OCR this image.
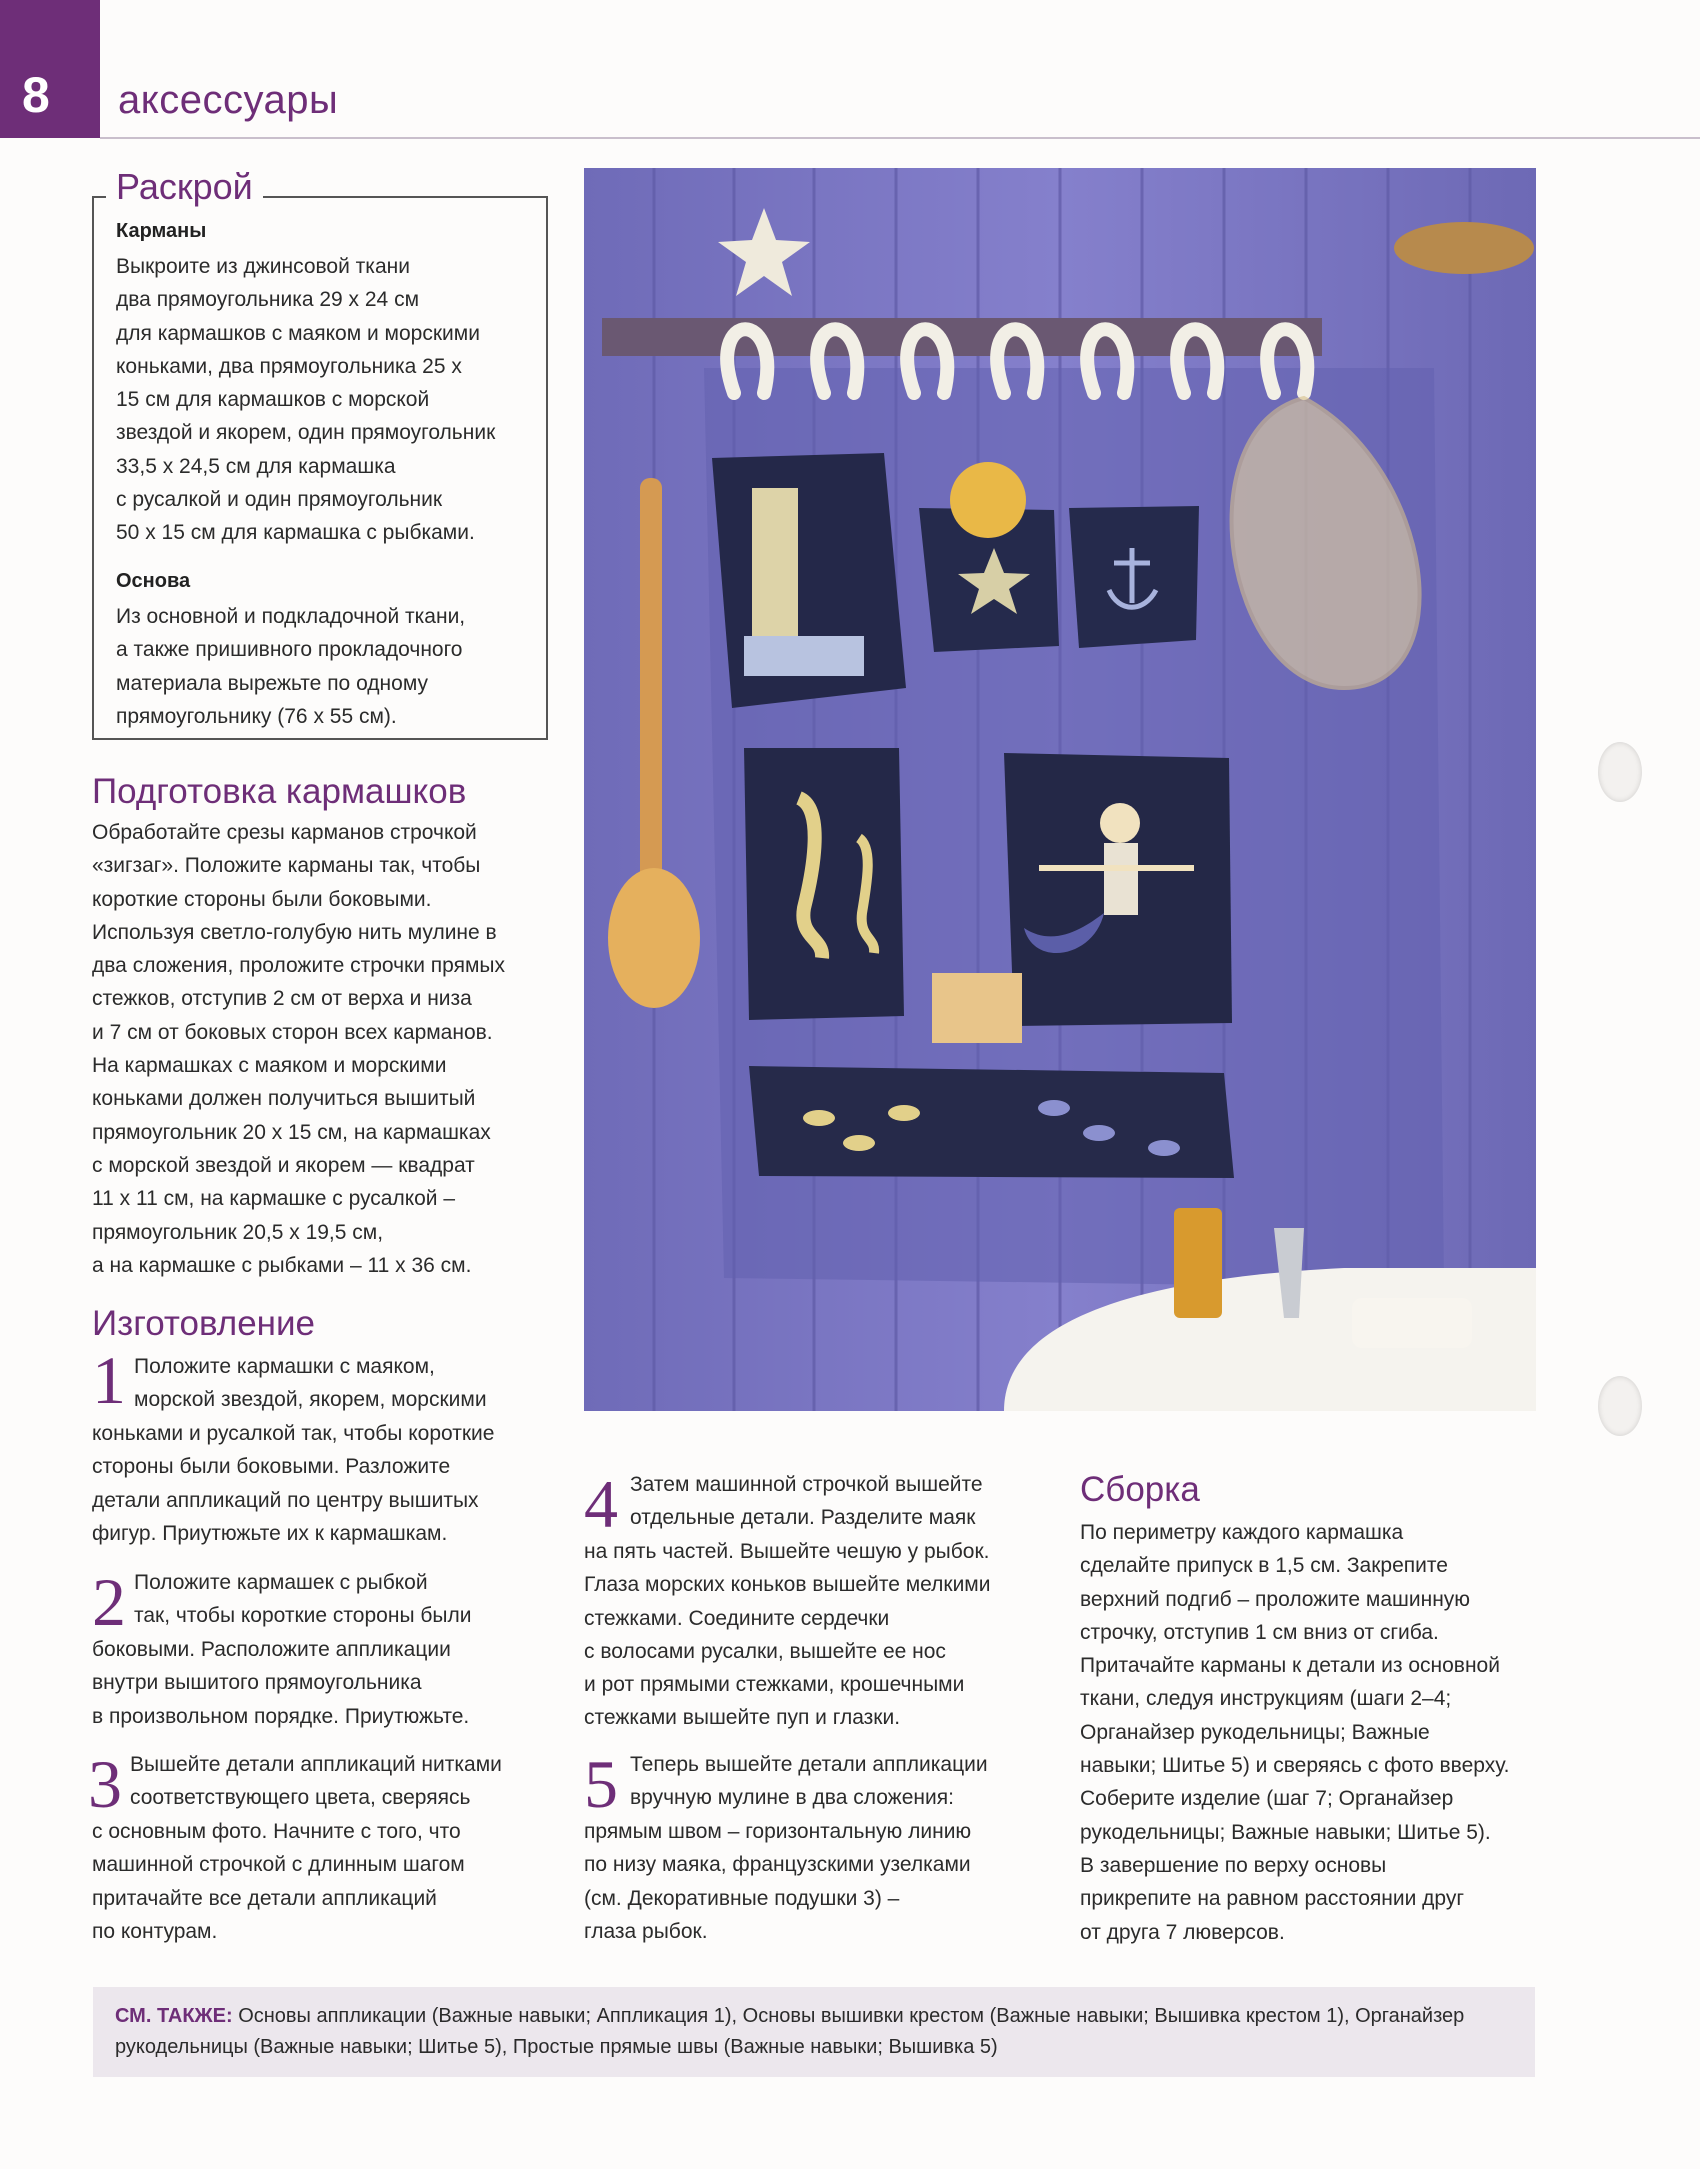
8 аксессуары
Раскрой
Карманы
Выкроите из джинсовой ткани
два прямоугольника 29 х 24 см
для кармашков с маяком и морскими
коньками, два прямоугольника 25 х
15 см для кармашков с морской
звездой и якорем, один прямоугольник
33,5 х 24,5 см для кармашка
с русалкой и один прямоугольник
50 х 15 см для кармашка с рыбками.
Основа
Из основной и подкладочной ткани,
а также пришивного прокладочного
материала вырежьте по одному
прямоугольнику (76 х 55 см).
Подготовка кармашков
Обработайте срезы карманов строчкой
«зигзаг». Положите карманы так, чтобы
короткие стороны были боковыми.
Используя светло-голубую нить мулине в
два сложения, проложите строчки прямых
стежков, отступив 2 см от верха и низа
и 7 см от боковых сторон всех карманов.
На кармашках с маяком и морскими
коньками должен получиться вышитый
прямоугольник 20 х 15 см, на кармашках
с морской звездой и якорем — квадрат
11 х 11 см, на кармашке с русалкой –
прямоугольник 20,5 х 19,5 см,
а на кармашке с рыбками – 11 х 36 см.
Изготовление
1 Положите кармашки с маяком,
морской звездой, якорем, морскими
коньками и русалкой так, чтобы короткие
стороны были боковыми. Разложите
детали аппликаций по центру вышитых
фигур. Приутюжьте их к кармашкам.
2 Положите кармашек с рыбкой
так, чтобы короткие стороны были
боковыми. Расположите аппликации
внутри вышитого прямоугольника
в произвольном порядке. Приутюжьте.
3 Вышейте детали аппликаций нитками
соответствующего цвета, сверяясь
с основным фото. Начните с того, что
машинной строчкой с длинным шагом
притачайте все детали аппликаций
по контурам.
4 Затем машинной строчкой вышейте
отдельные детали. Разделите маяк
на пять частей. Вышейте чешую у рыбок.
Глаза морских коньков вышейте мелкими
стежками. Соедините сердечки
с волосами русалки, вышейте ее нос
и рот прямыми стежками, крошечными
стежками вышейте пуп и глазки.
5 Теперь вышейте детали аппликации
вручную мулине в два сложения:
прямым швом – горизонтальную линию
по низу маяка, французскими узелками
(см. Декоративные подушки 3) –
глаза рыбок.
Сборка
По периметру каждого кармашка
сделайте припуск в 1,5 см. Закрепите
верхний подгиб – проложите машинную
строчку, отступив 1 см вниз от сгиба.
Притачайте карманы к детали из основной
ткани, следуя инструкциям (шаги 2–4;
Органайзер рукодельницы; Важные
навыки; Шитье 5) и сверяясь с фото вверху.
Соберите изделие (шаг 7; Органайзер
рукодельницы; Важные навыки; Шитье 5).
В завершение по верху основы
прикрепите на равном расстоянии друг
от друга 7 люверсов.

СМ. ТАКЖЕ: Основы аппликации (Важные навыки; Аппликация 1), Основы вышивки крестом (Важные навыки; Вышивка крестом 1), Органайзер рукодельницы (Важные навыки; Шитье 5), Простые прямые швы (Важные навыки; Вышивка 5)
